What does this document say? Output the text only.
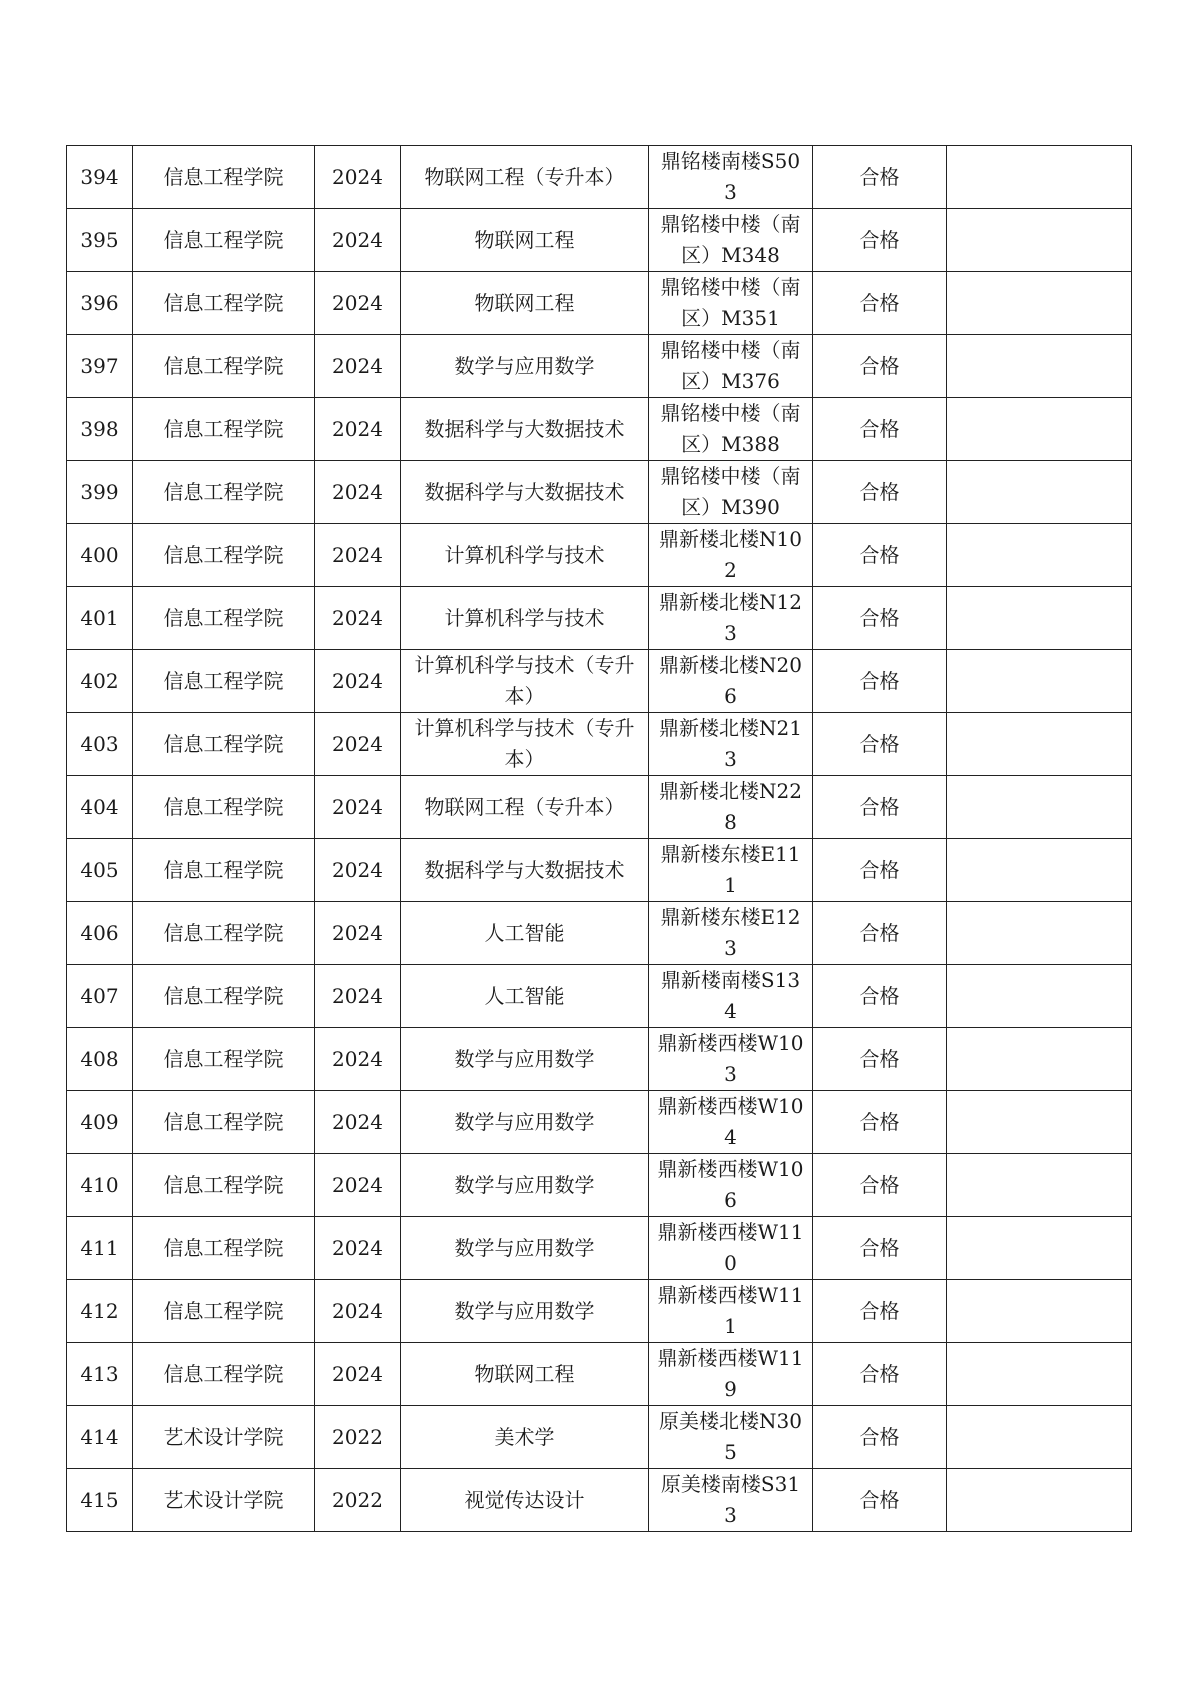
394	信息工程学院	2024	物联网工程（专升本）	鼎铭楼南楼S503	合格	
395	信息工程学院	2024	物联网工程	鼎铭楼中楼（南区）M348	合格	
396	信息工程学院	2024	物联网工程	鼎铭楼中楼（南区）M351	合格	
397	信息工程学院	2024	数学与应用数学	鼎铭楼中楼（南区）M376	合格	
398	信息工程学院	2024	数据科学与大数据技术	鼎铭楼中楼（南区）M388	合格	
399	信息工程学院	2024	数据科学与大数据技术	鼎铭楼中楼（南区）M390	合格	
400	信息工程学院	2024	计算机科学与技术	鼎新楼北楼N102	合格	
401	信息工程学院	2024	计算机科学与技术	鼎新楼北楼N123	合格	
402	信息工程学院	2024	计算机科学与技术（专升本）	鼎新楼北楼N206	合格	
403	信息工程学院	2024	计算机科学与技术（专升本）	鼎新楼北楼N213	合格	
404	信息工程学院	2024	物联网工程（专升本）	鼎新楼北楼N228	合格	
405	信息工程学院	2024	数据科学与大数据技术	鼎新楼东楼E111	合格	
406	信息工程学院	2024	人工智能	鼎新楼东楼E123	合格	
407	信息工程学院	2024	人工智能	鼎新楼南楼S134	合格	
408	信息工程学院	2024	数学与应用数学	鼎新楼西楼W103	合格	
409	信息工程学院	2024	数学与应用数学	鼎新楼西楼W104	合格	
410	信息工程学院	2024	数学与应用数学	鼎新楼西楼W106	合格	
411	信息工程学院	2024	数学与应用数学	鼎新楼西楼W110	合格	
412	信息工程学院	2024	数学与应用数学	鼎新楼西楼W111	合格	
413	信息工程学院	2024	物联网工程	鼎新楼西楼W119	合格	
414	艺术设计学院	2022	美术学	原美楼北楼N305	合格	
415	艺术设计学院	2022	视觉传达设计	原美楼南楼S313	合格	
